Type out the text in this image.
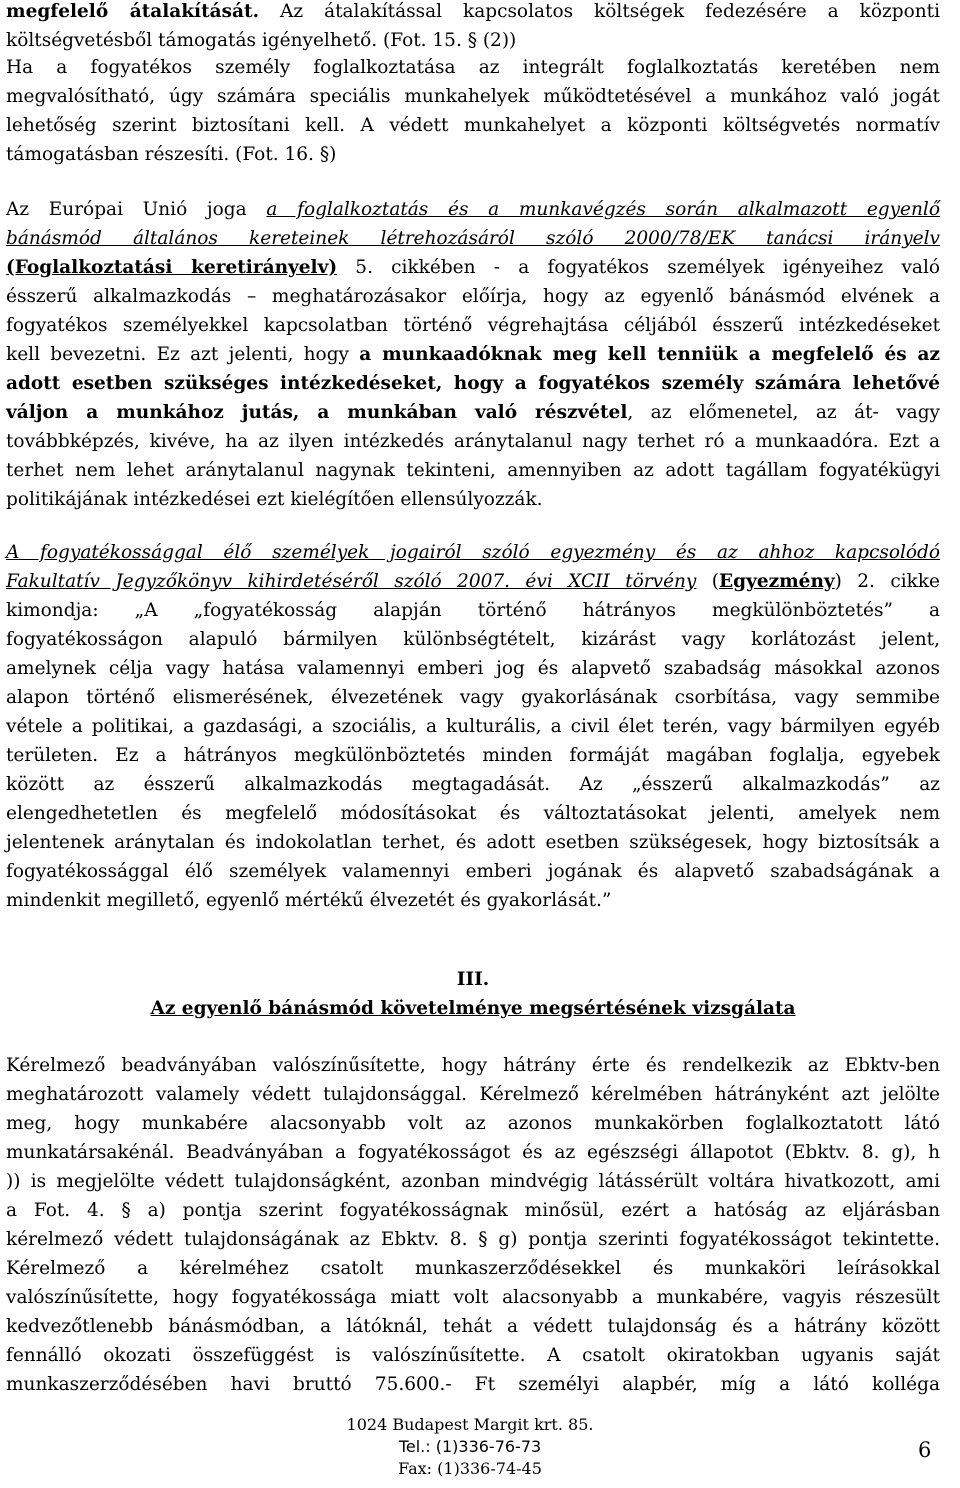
megfelelő átalakítását. Az átalakítással kapcsolatos költségek fedezésére a központi
költségvetésből támogatás igényelhető. (Fot. 15. § (2))
Ha a fogyatékos személy foglalkoztatása az integrált foglalkoztatás keretében nem
megvalósítható, úgy számára speciális munkahelyek működtetésével a munkához való jogát
lehetőség szerint biztosítani kell. A védett munkahelyet a központi költségvetés normatív
támogatásban részesíti. (Fot. 16. §)
Az Európai Unió joga a foglalkoztatás és a munkavégzés során alkalmazott egyenlő
bánásmód általános kereteinek létrehozásáról szóló 2000/78/EK tanácsi irányelv
(Foglalkoztatási keretirányelv) 5. cikkében - a fogyatékos személyek igényeihez való
ésszerű alkalmazkodás – meghatározásakor előírja, hogy az egyenlő bánásmód elvének a
fogyatékos személyekkel kapcsolatban történő végrehajtása céljából ésszerű intézkedéseket
kell bevezetni. Ez azt jelenti, hogy a munkaadóknak meg kell tenniük a megfelelő és az
adott esetben szükséges intézkedéseket, hogy a fogyatékos személy számára lehetővé
váljon a munkához jutás, a munkában való részvétel, az előmenetel, az át- vagy
továbbképzés, kivéve, ha az ilyen intézkedés aránytalanul nagy terhet ró a munkaadóra. Ezt a
terhet nem lehet aránytalanul nagynak tekinteni, amennyiben az adott tagállam fogyatékügyi
politikájának intézkedései ezt kielégítően ellensúlyozzák.
A fogyatékossággal élő személyek jogairól szóló egyezmény és az ahhoz kapcsolódó
Fakultatív Jegyzőkönyv kihirdetéséről szóló 2007. évi XCII törvény (Egyezmény) 2. cikke
kimondja: „A „fogyatékosság alapján történő hátrányos megkülönböztetés” a
fogyatékosságon alapuló bármilyen különbségtételt, kizárást vagy korlátozást jelent,
amelynek célja vagy hatása valamennyi emberi jog és alapvető szabadság másokkal azonos
alapon történő elismerésének, élvezetének vagy gyakorlásának csorbítása, vagy semmibe
vétele a politikai, a gazdasági, a szociális, a kulturális, a civil élet terén, vagy bármilyen egyéb
területen. Ez a hátrányos megkülönböztetés minden formáját magában foglalja, egyebek
között az ésszerű alkalmazkodás megtagadását. Az „ésszerű alkalmazkodás” az
elengedhetetlen és megfelelő módosításokat és változtatásokat jelenti, amelyek nem
jelentenek aránytalan és indokolatlan terhet, és adott esetben szükségesek, hogy biztosítsák a
fogyatékossággal élő személyek valamennyi emberi jogának és alapvető szabadságának a
mindenkit megillető, egyenlő mértékű élvezetét és gyakorlását.”
III.
Az egyenlő bánásmód követelménye megsértésének vizsgálata
Kérelmező beadványában valószínűsítette, hogy hátrány érte és rendelkezik az Ebktv-ben
meghatározott valamely védett tulajdonsággal. Kérelmező kérelmében hátrányként azt jelölte
meg, hogy munkabére alacsonyabb volt az azonos munkakörben foglalkoztatott látó
munkatársakénál. Beadványában a fogyatékosságot és az egészségi állapotot (Ebktv. 8. g), h
)) is megjelölte védett tulajdonságként, azonban mindvégig látássérült voltára hivatkozott, ami
a Fot. 4. § a) pontja szerint fogyatékosságnak minősül, ezért a hatóság az eljárásban
kérelmező védett tulajdonságának az Ebktv. 8. § g) pontja szerinti fogyatékosságot tekintette.
Kérelmező a kérelméhez csatolt munkaszerződésekkel és munkaköri leírásokkal
valószínűsítette, hogy fogyatékossága miatt volt alacsonyabb a munkabére, vagyis részesült
kedvezőtlenebb bánásmódban, a látóknál, tehát a védett tulajdonság és a hátrány között
fennálló okozati összefüggést is valószínűsítette. A csatolt okiratokban ugyanis saját
munkaszerződésében havi bruttó 75.600.- Ft személyi alapbér, míg a látó kolléga
1024 Budapest Margit krt. 85.
Tel.: (1)336-76-73
Fax: (1)336-74-45
6
